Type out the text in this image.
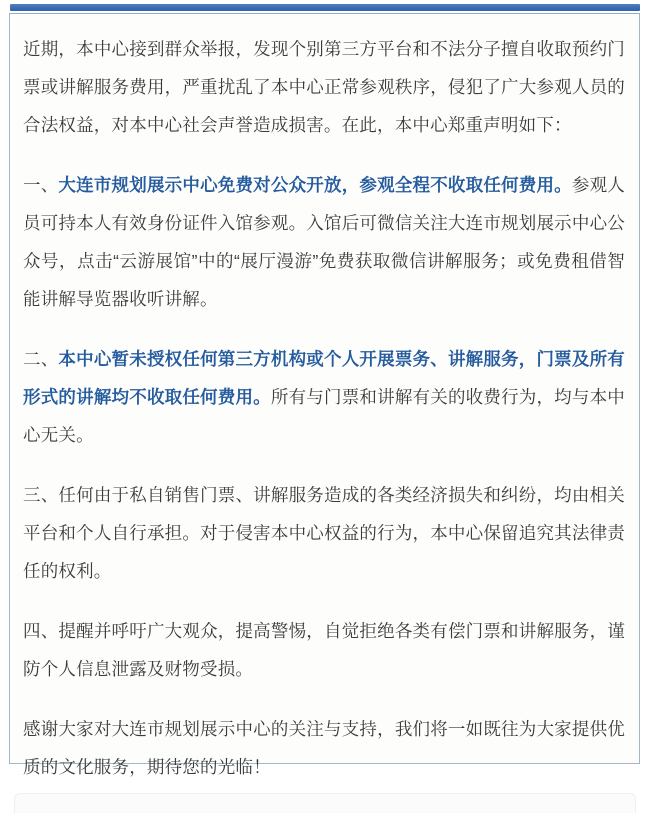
近期，本中心接到群众举报，发现个别第三方平台和不法分子擅自收取预约门票或讲解服务费用，严重扰乱了本中心正常参观秩序，侵犯了广大参观人员的合法权益，对本中心社会声誉造成损害。在此，本中心郑重声明如下：

一、大连市规划展示中心免费对公众开放，参观全程不收取任何费用。参观人员可持本人有效身份证件入馆参观。入馆后可微信关注大连市规划展示中心公众号，点击“云游展馆”中的“展厅漫游”免费获取微信讲解服务；或免费租借智能讲解导览器收听讲解。

二、本中心暂未授权任何第三方机构或个人开展票务、讲解服务，门票及所有形式的讲解均不收取任何费用。所有与门票和讲解有关的收费行为，均与本中心无关。

三、任何由于私自销售门票、讲解服务造成的各类经济损失和纠纷，均由相关平台和个人自行承担。对于侵害本中心权益的行为，本中心保留追究其法律责任的权利。

四、提醒并呼吁广大观众，提高警惕，自觉拒绝各类有偿门票和讲解服务，谨防个人信息泄露及财物受损。

感谢大家对大连市规划展示中心的关注与支持，我们将一如既往为大家提供优质的文化服务，期待您的光临！
